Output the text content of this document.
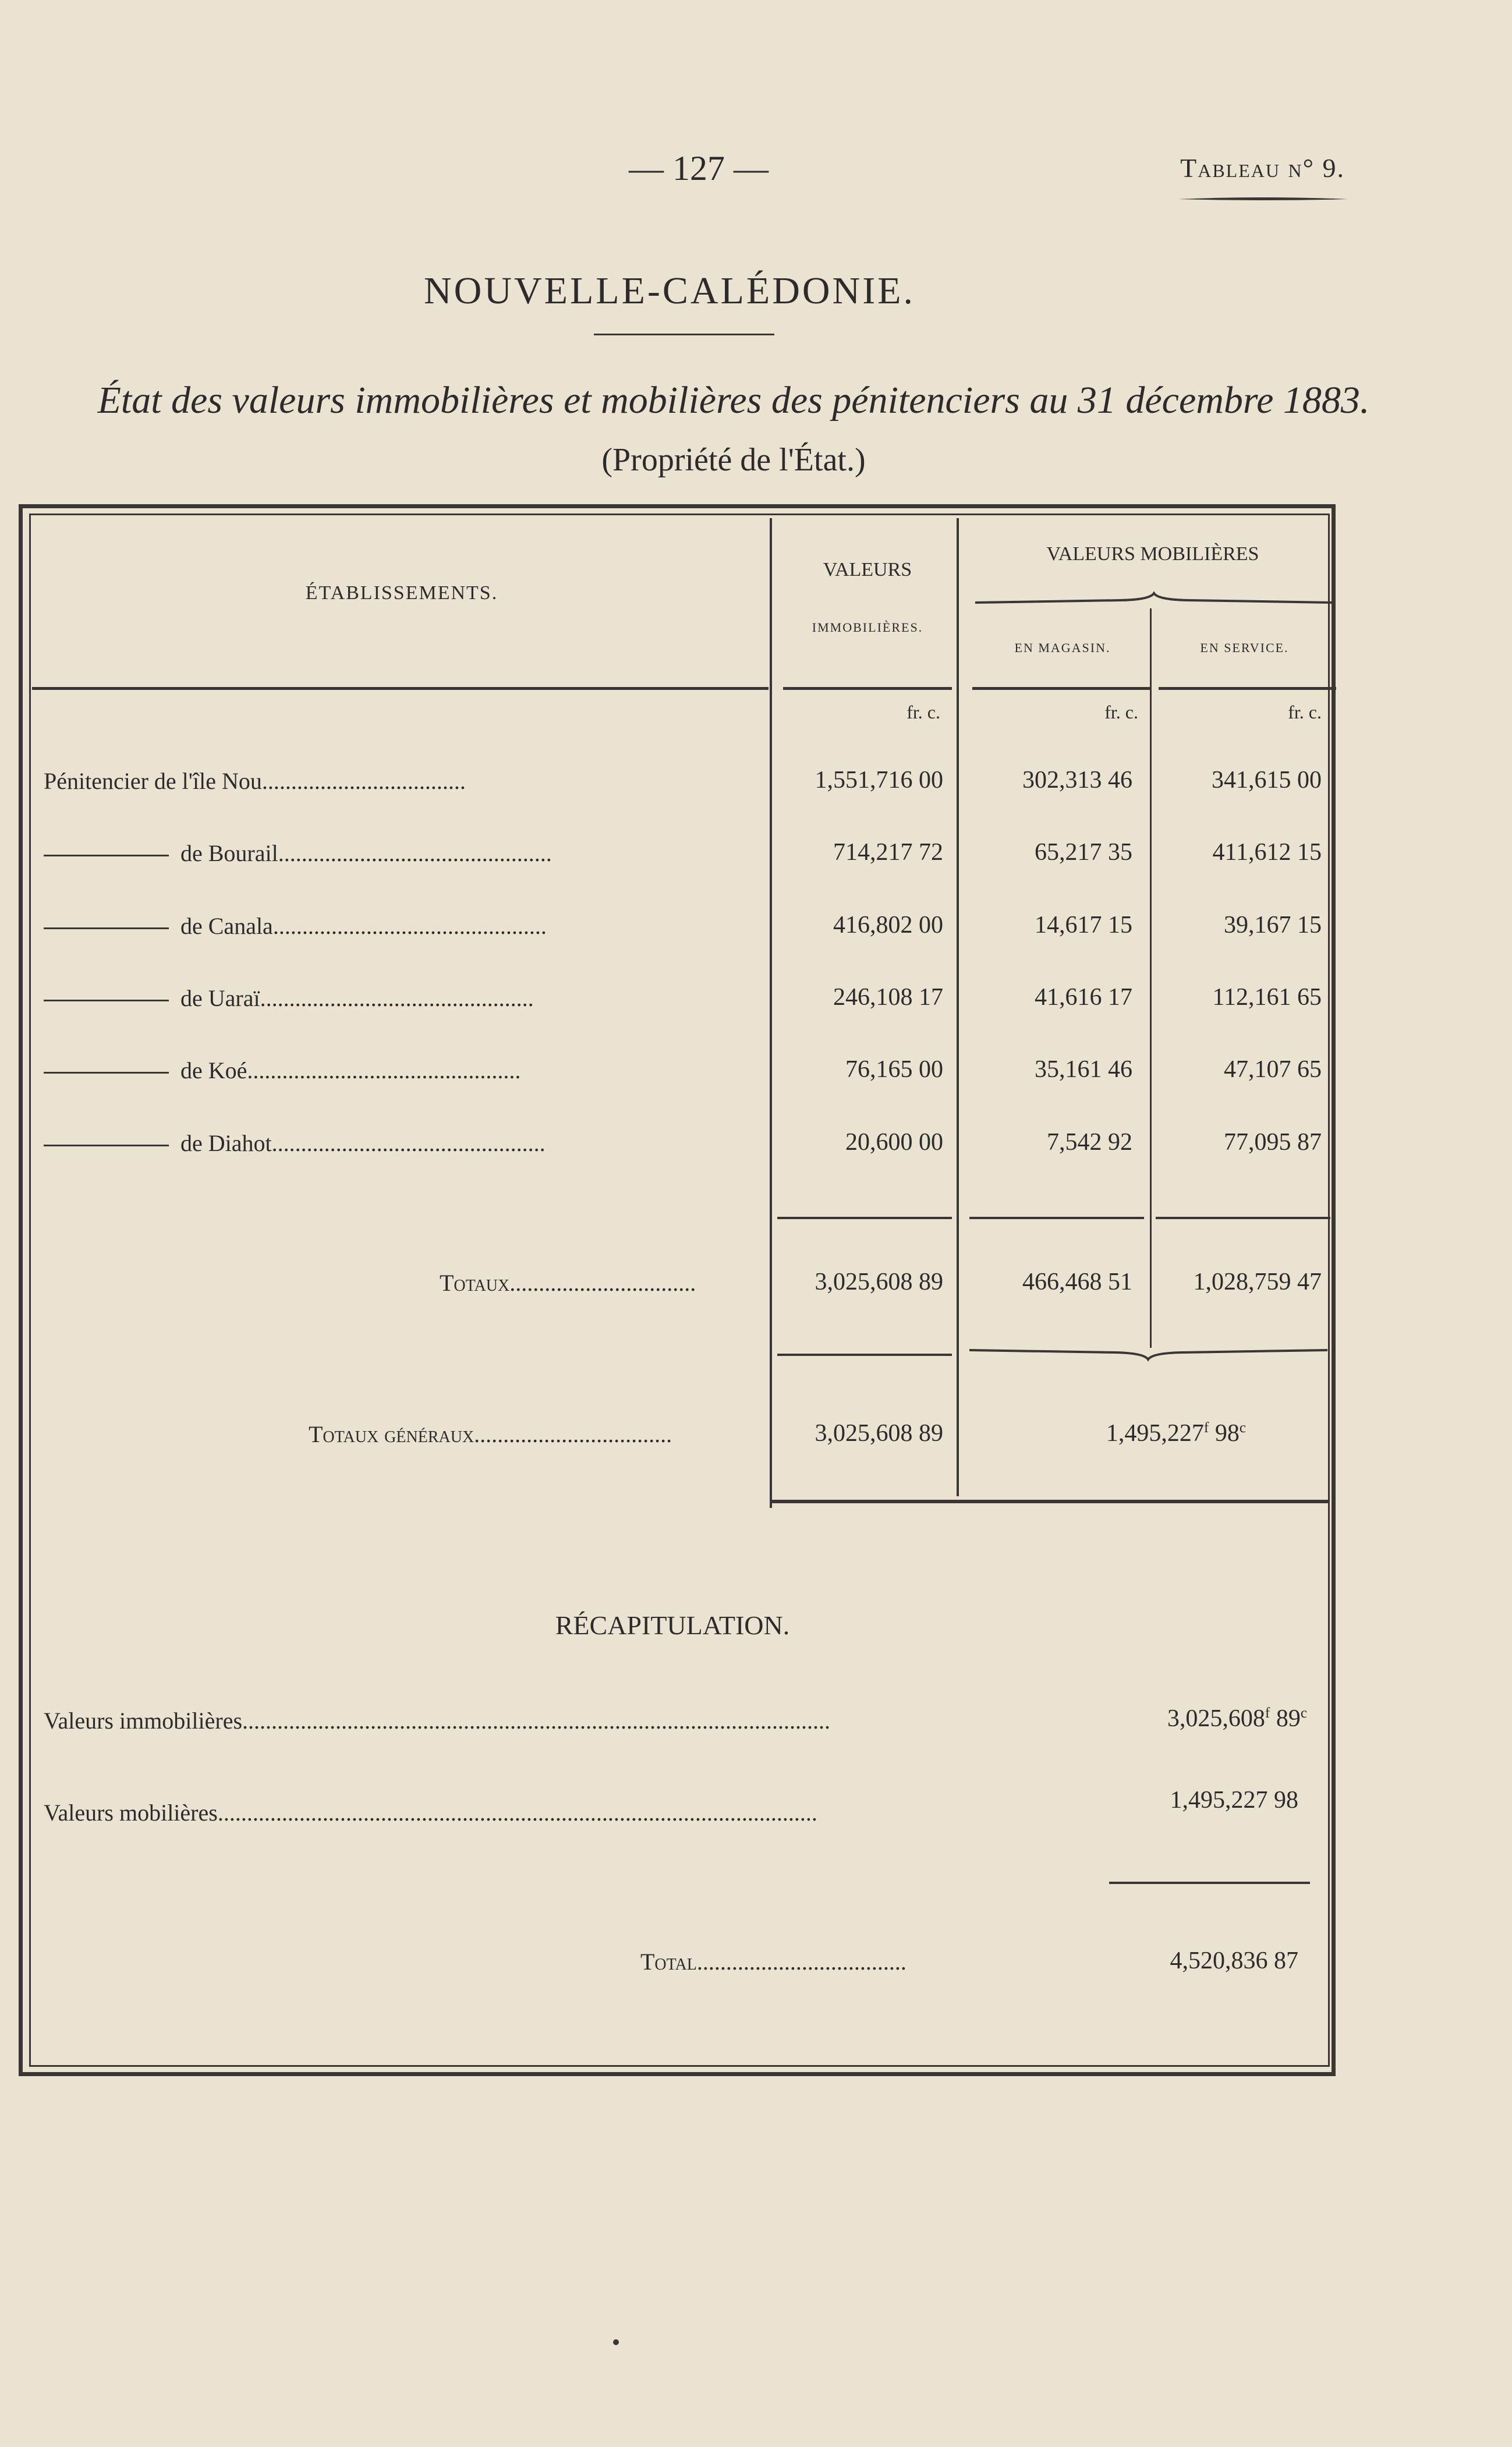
— 127 —	Tableau n° 9.
NOUVELLE-CALÉDONIE.
État des valeurs immobilières et mobilières des pénitenciers au 31 décembre 1883.
(Propriété de l'État.)
ÉTABLISSEMENTS.
VALEURS
IMMOBILIÈRES.
VALEURS MOBILIÈRES
EN MAGASIN.	EN SERVICE.
fr. c.	fr. c.	fr. c.
Pénitencier de l'île Nou...................................	1,551,716 00	302,313 46	341,615 00
de Bourail...............................................	714,217 72	65,217 35	411,612 15
de Canala...............................................	416,802 00	14,617 15	39,167 15
de Uaraï...............................................	246,108 17	41,616 17	112,161 65
de Koé...............................................	76,165 00	35,161 46	47,107 65
de Diahot...............................................	20,600 00	7,542 92	77,095 87
Totaux................................	3,025,608 89	466,468 51	1,028,759 47
Totaux généraux..................................	3,025,608 89	1,495,227$^f$ 98$^c$
RÉCAPITULATION.
Valeurs immobilières.....................................................................................................	3,025,608$^f$ 89$^c$
Valeurs mobilières.......................................................................................................	1,495,227 98
Total....................................	4,520,836 87
